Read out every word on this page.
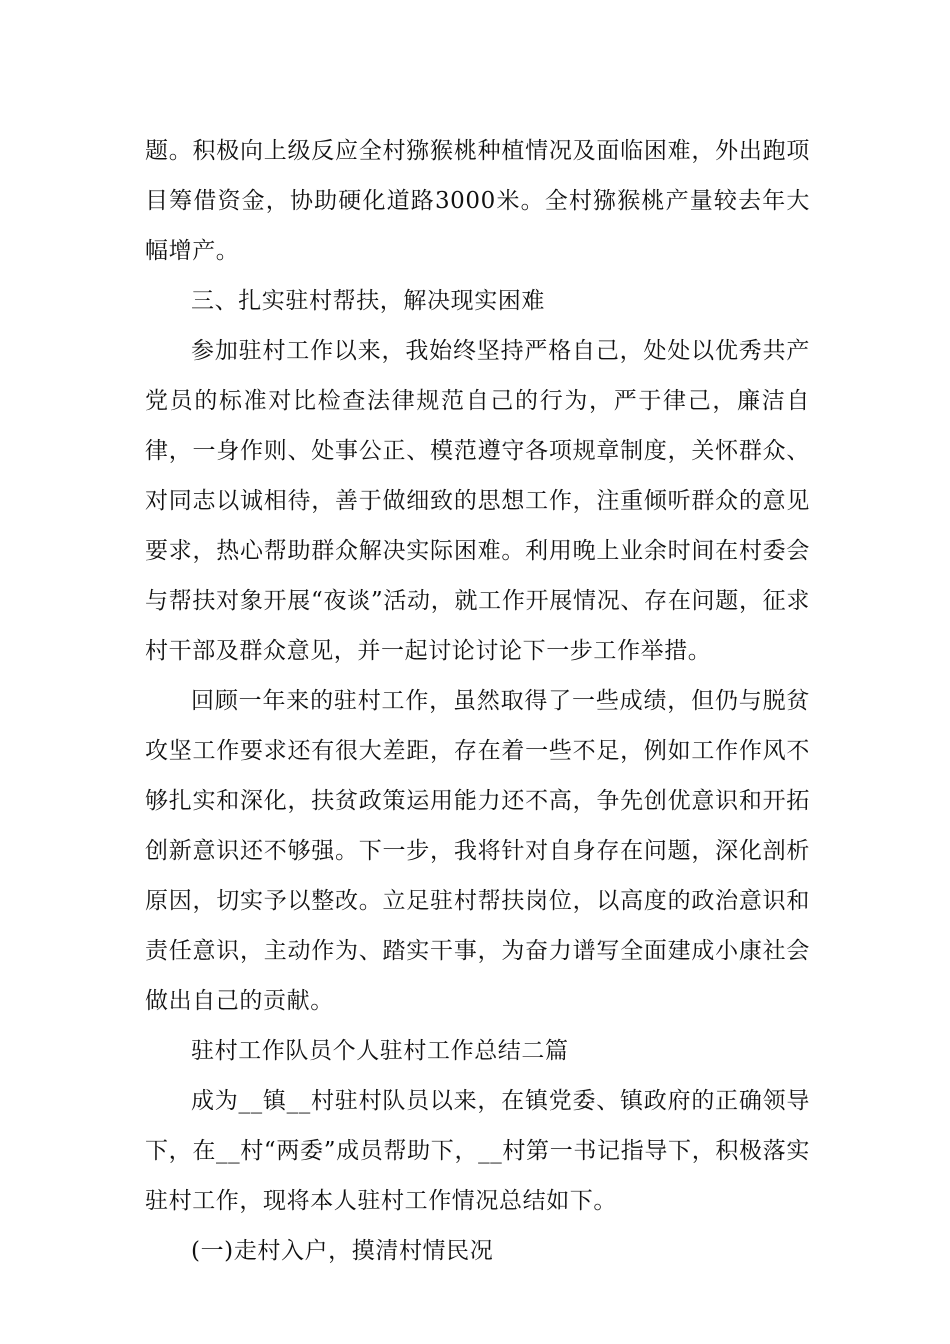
题。积极向上级反应全村猕猴桃种植情况及面临困难，外出跑项目筹借资金，协助硬化道路3000米。全村猕猴桃产量较去年大幅增产。

三、扎实驻村帮扶，解决现实困难

参加驻村工作以来，我始终坚持严格自己，处处以优秀共产党员的标准对比检查法律规范自己的行为，严于律己，廉洁自律，一身作则、处事公正、模范遵守各项规章制度，关怀群众、对同志以诚相待，善于做细致的思想工作，注重倾听群众的意见要求，热心帮助群众解决实际困难。利用晚上业余时间在村委会与帮扶对象开展“夜谈”活动，就工作开展情况、存在问题，征求村干部及群众意见，并一起讨论讨论下一步工作举措。

回顾一年来的驻村工作，虽然取得了一些成绩，但仍与脱贫攻坚工作要求还有很大差距，存在着一些不足，例如工作作风不够扎实和深化，扶贫政策运用能力还不高，争先创优意识和开拓创新意识还不够强。下一步，我将针对自身存在问题，深化剖析原因，切实予以整改。立足驻村帮扶岗位，以高度的政治意识和责任意识，主动作为、踏实干事，为奋力谱写全面建成小康社会做出自己的贡献。

驻村工作队员个人驻村工作总结二篇

成为__镇__村驻村队员以来，在镇党委、镇政府的正确领导下，在__村“两委”成员帮助下，__村第一书记指导下，积极落实驻村工作，现将本人驻村工作情况总结如下。

(一)走村入户，摸清村情民况
